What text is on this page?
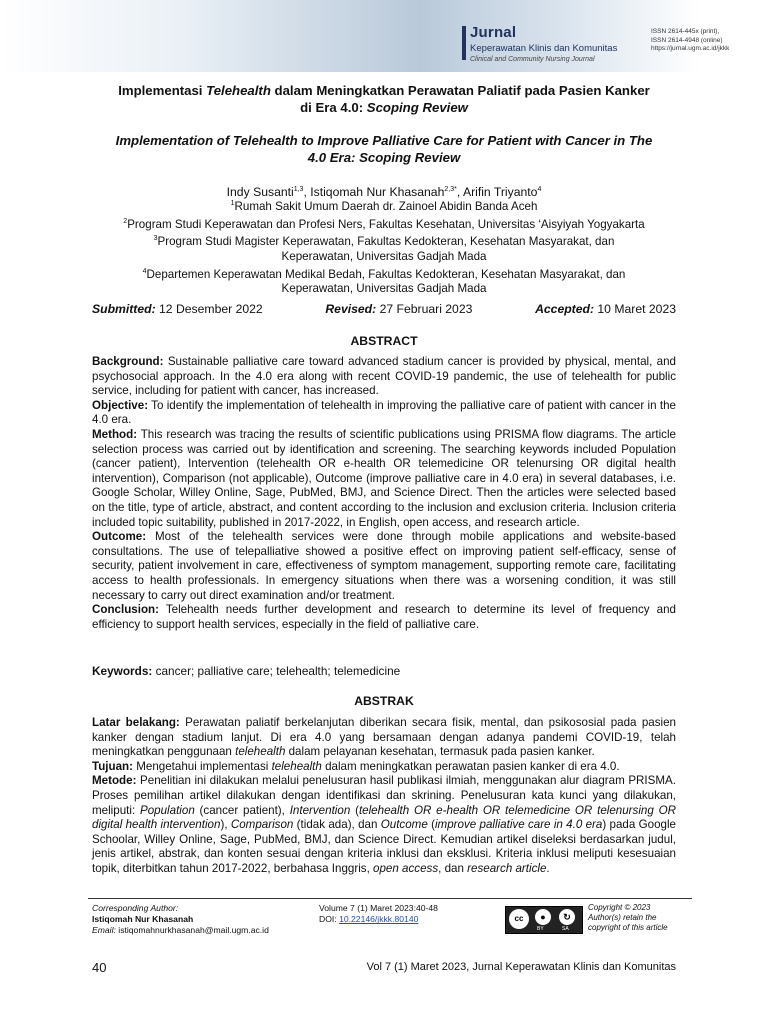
Jurnal
Keperawatan Klinis dan Komunitas
Clinical and Community Nursing Journal
ISSN 2614-445x (print),
ISSN 2614-4948 (online)
https://jurnal.ugm.ac.id/jkkk
Implementasi Telehealth dalam Meningkatkan Perawatan Paliatif pada Pasien Kanker
di Era 4.0: Scoping Review
Implementation of Telehealth to Improve Palliative Care for Patient with Cancer in The
4.0 Era: Scoping Review
Indy Susanti$^{1,3}$, Istiqomah Nur Khasanah$^{2,3*}$, Arifin Triyanto$^4$
$^1$Rumah Sakit Umum Daerah dr. Zainoel Abidin Banda Aceh
$^2$Program Studi Keperawatan dan Profesi Ners, Fakultas Kesehatan, Universitas ‘Aisyiyah Yogyakarta
$^3$Program Studi Magister Keperawatan, Fakultas Kedokteran, Kesehatan Masyarakat, dan
Keperawatan, Universitas Gadjah Mada
$^4$Departemen Keperawatan Medikal Bedah, Fakultas Kedokteran, Kesehatan Masyarakat, dan
Keperawatan, Universitas Gadjah Mada
Submitted: 12 Desember 2022	Revised: 27 Februari 2023	Accepted: 10 Maret 2023
ABSTRACT

Background: Sustainable palliative care toward advanced stadium cancer is provided by physical, mental, and psychosocial approach. In the 4.0 era along with recent COVID-19 pandemic, the use of telehealth for public service, including for patient with cancer, has increased.

Objective: To identify the implementation of telehealth in improving the palliative care of patient with cancer in the 4.0 era.

Method: This research was tracing the results of scientific publications using PRISMA flow diagrams. The article selection process was carried out by identification and screening. The searching keywords included Population (cancer patient), Intervention (telehealth OR e-health OR telemedicine OR telenursing OR digital health intervention), Comparison (not applicable), Outcome (improve palliative care in 4.0 era) in several databases, i.e. Google Scholar, Willey Online, Sage, PubMed, BMJ, and Science Direct. Then the articles were selected based on the title, type of article, abstract, and content according to the inclusion and exclusion criteria. Inclusion criteria included topic suitability, published in 2017-2022, in English, open access, and research article.

Outcome: Most of the telehealth services were done through mobile applications and website-based consultations. The use of telepalliative showed a positive effect on improving patient self-efficacy, sense of security, patient involvement in care, effectiveness of symptom management, supporting remote care, facilitating access to health professionals. In emergency situations when there was a worsening condition, it was still necessary to carry out direct examination and/or treatment.

Conclusion: Telehealth needs further development and research to determine its level of frequency and efficiency to support health services, especially in the field of palliative care.

Keywords: cancer; palliative care; telehealth; telemedicine
ABSTRAK

Latar belakang: Perawatan paliatif berkelanjutan diberikan secara fisik, mental, dan psikososial pada pasien kanker dengan stadium lanjut. Di era 4.0 yang bersamaan dengan adanya pandemi COVID-19, telah meningkatkan penggunaan telehealth dalam pelayanan kesehatan, termasuk pada pasien kanker.

Tujuan: Mengetahui implementasi telehealth dalam meningkatkan perawatan pasien kanker di era 4.0.

Metode: Penelitian ini dilakukan melalui penelusuran hasil publikasi ilmiah, menggunakan alur diagram PRISMA. Proses pemilihan artikel dilakukan dengan identifikasi dan skrining. Penelusuran kata kunci yang dilakukan, meliputi: Population (cancer patient), Intervention (telehealth OR e-health OR telemedicine OR telenursing OR digital health intervention), Comparison (tidak ada), dan Outcome (improve palliative care in 4.0 era) pada Google Schoolar, Willey Online, Sage, PubMed, BMJ, dan Science Direct. Kemudian artikel diseleksi berdasarkan judul, jenis artikel, abstrak, dan konten sesuai dengan kriteria inklusi dan eksklusi. Kriteria inklusi meliputi kesesuaian topik, diterbitkan tahun 2017-2022, berbahasa Inggris, open access, dan research article.

Corresponding Author:
Istiqomah Nur Khasanah
Email: istiqomahnurkhasanah@mail.ugm.ac.id
Volume 7 (1) Maret 2023:40-48
DOI: 10.22146/jkkk.80140	cc	●	↻
BY	SA
Copyright © 2023
Author(s) retain the
copyright of this article
40	Vol 7 (1) Maret 2023, Jurnal Keperawatan Klinis dan Komunitas
